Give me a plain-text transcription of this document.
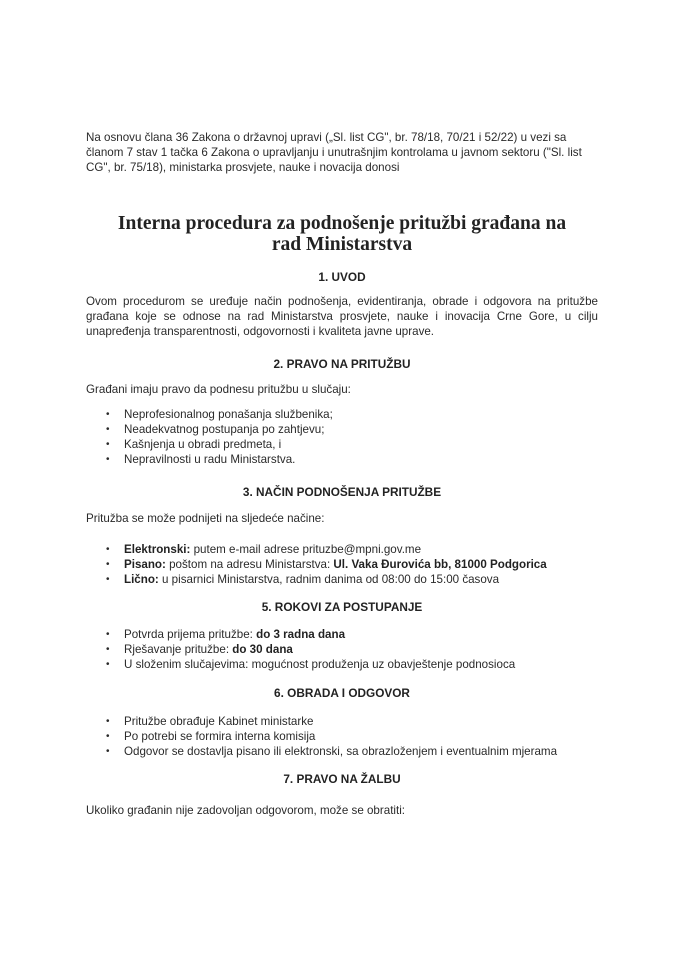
Na osnovu člana 36 Zakona o državnoj upravi („Sl. list CG", br. 78/18, 70/21 i 52/22) u vezi sa članom 7 stav 1 tačka 6 Zakona o upravljanju i unutrašnjim kontrolama u javnom sektoru ("Sl. list CG", br. 75/18), ministarka prosvjete, nauke i novacija donosi
Interna procedura za podnošenje pritužbi građana na
rad Ministarstva
1. UVOD
Ovom procedurom se uređuje način podnošenja, evidentiranja, obrade i odgovora na pritužbe građana koje se odnose na rad Ministarstva prosvjete, nauke i inovacija Crne Gore, u cilju unapređenja transparentnosti, odgovornosti i kvaliteta javne uprave.
2. PRAVO NA PRITUŽBU
Građani imaju pravo da podnesu pritužbu u slučaju:
• Neprofesionalnog ponašanja službenika;
• Neadekvatnog postupanja po zahtjevu;
• Kašnjenja u obradi predmeta, i
• Nepravilnosti u radu Ministarstva.
3. NAČIN PODNOŠENJA PRITUŽBE
Pritužba se može podnijeti na sljedeće načine:
• Elektronski: putem e-mail adrese prituzbe@mpni.gov.me
• Pisano: poštom na adresu Ministarstva: Ul. Vaka Đurovića bb, 81000 Podgorica
• Lično: u pisarnici Ministarstva, radnim danima od 08:00 do 15:00 časova
5. ROKOVI ZA POSTUPANJE
• Potvrda prijema pritužbe: do 3 radna dana
• Rješavanje pritužbe: do 30 dana
• U složenim slučajevima: mogućnost produženja uz obavještenje podnosioca
6. OBRADA I ODGOVOR
• Pritužbe obrađuje Kabinet ministarke
• Po potrebi se formira interna komisija
• Odgovor se dostavlja pisano ili elektronski, sa obrazloženjem i eventualnim mjerama
7. PRAVO NA ŽALBU
Ukoliko građanin nije zadovoljan odgovorom, može se obratiti:
